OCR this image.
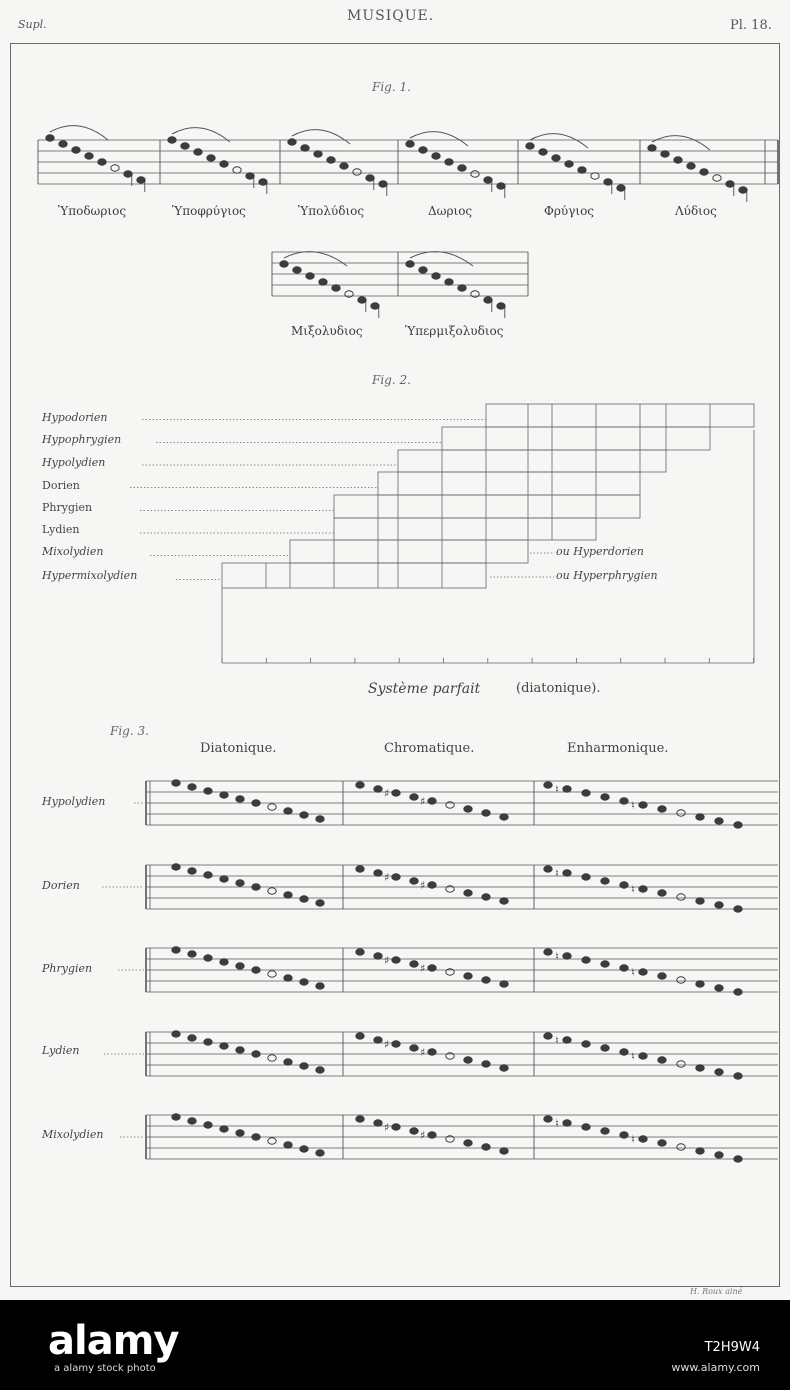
Supl.
MUSIQUE.
Pl. 18.
Fig. 1.
Fig. 2.
Fig. 3.
Ὑποδωριος	Ὑποφρύγιος	Ὑπολύδιος	Δωριος	Φρύγιος	Λύδιος
Μιξολυδιος	Ὑπερμιξολυδιος
Hypodorien
Hypophrygien
Hypolydien
Dorien
Phrygien
Lydien
Mixolydien
Hypermixolydien
ou Hyperdorien
ou Hyperphrygien
Système parfait	(diatonique).
Diatonique.	Chromatique.	Enharmonique.
Hypolydien
Dorien
Phrygien
Lydien
Mixolydien
H. Roux ainé
♯
♯
♮
♮
♯
♯
♮
♮
♯
♯
♮
♮
♯
♯
♮
♮
♯
♯
♮
♮
alamy
a alamy stock photo
T2H9W4
www.alamy.com
